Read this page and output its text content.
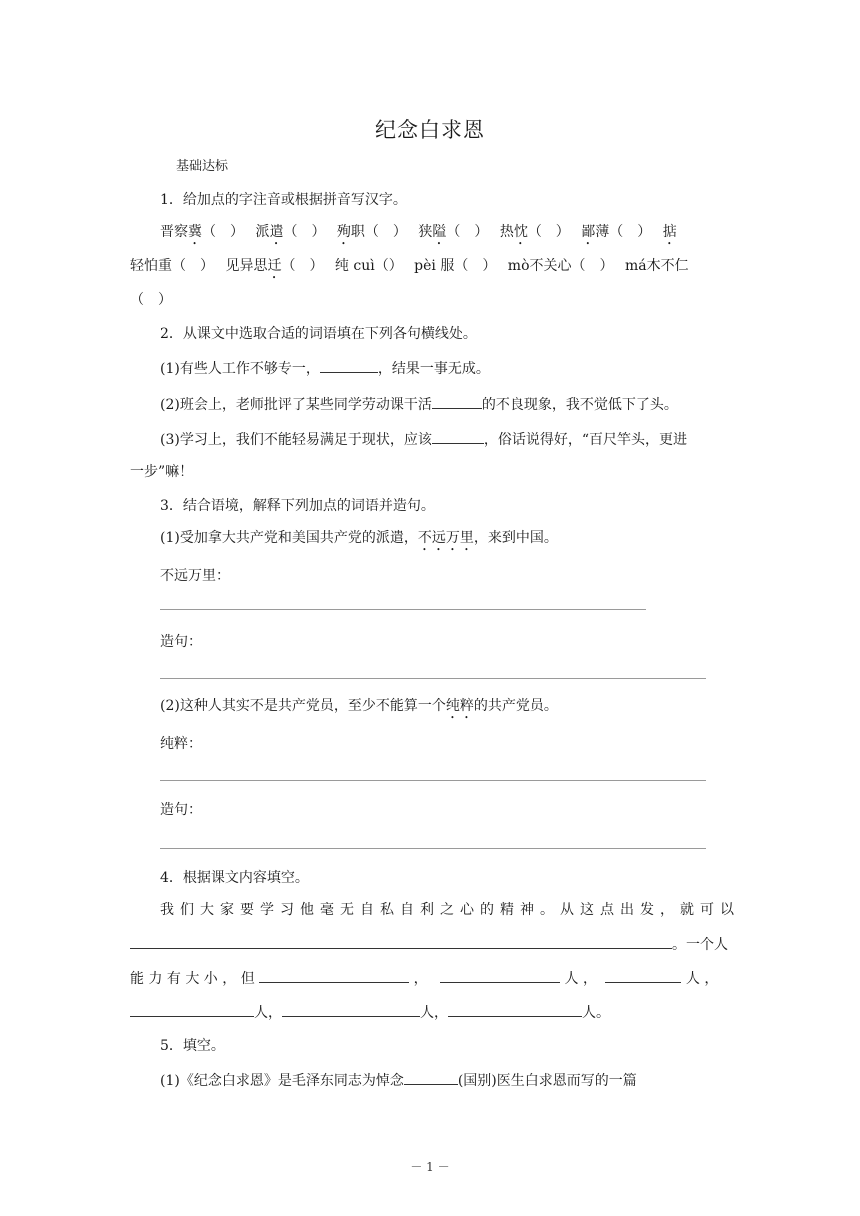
纪念白求恩
基础达标
1．给加点的字注音或根据拼音写汉字。
晋察冀（　）　 派遣（　）　 殉职（　）　 狭隘（　）　 热忱（　）　 鄙薄（　）　 掂
轻怕重（　）　 见异思迁（　）　 纯 cuì（）　 pèi 服（　）　 mò不关心（　）　 má木不仁
（　）
2．从课文中选取合适的词语填在下列各句横线处。
(1)有些人工作不够专一，	，结果一事无成。
(2)班会上，老师批评了某些同学劳动课干活	的不良现象，我不觉低下了头。
(3)学习上，我们不能轻易满足于现状，应该	，俗话说得好，“百尺竿头，更进
一步”嘛！
3．结合语境，解释下列加点的词语并造句。
(1)受加拿大共产党和美国共产党的派遣，不远万里，来到中国。
不远万里：
造句：
(2)这种人其实不是共产党员，至少不能算一个纯粹的共产党员。
纯粹：
造句：
4．根据课文内容填空。
我 们 大 家 要 学 习 他 毫 无 自 私 自 利 之 心 的 精 神 。 从 这 点 出 发 ， 就 可 以
。一个人
能 力 有 大 小 ， 但	，	人 ，	人 ，
人，	人，	人。
5．填空。
(1)《纪念白求恩》是毛泽东同志为悼念	(国别)医生白求恩而写的一篇
－ 1 －
